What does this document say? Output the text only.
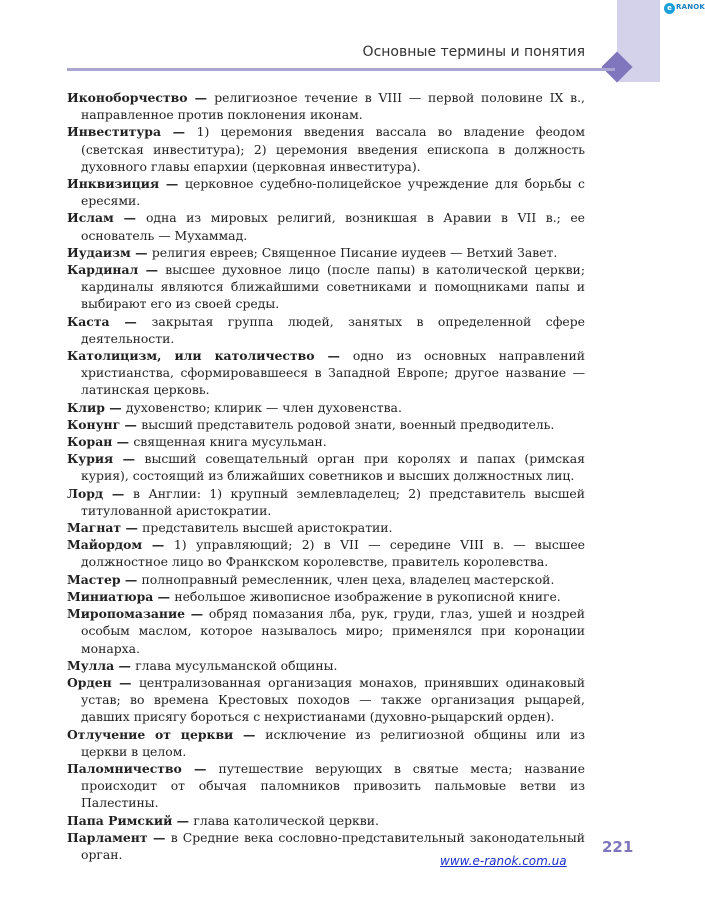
e RANOK
Основные термины и понятия

Иконоборчество — религиозное течение в VIII — первой половине IX в., направленное против поклонения иконам.

Инвеститура — 1) церемония введения вассала во владение феодом (светская инвеститура); 2) церемония введения епископа в должность духовного главы епархии (церковная инвеститура).

Инквизиция — церковное судебно-полицейское учреждение для борьбы с ересями.

Ислам — одна из мировых религий, возникшая в Аравии в VII в.; ее основатель — Мухаммад.

Иудаизм — религия евреев; Священное Писание иудеев — Ветхий Завет.

Кардинал — высшее духовное лицо (после папы) в католической церкви; кардиналы являются ближайшими советниками и помощниками папы и выбирают его из своей среды.

Каста — закрытая группа людей, занятых в определенной сфере деятельности.

Католицизм, или католичество — одно из основных направлений христианства, сформировавшееся в Западной Европе; другое название — латинская церковь.

Клир — духовенство; клирик — член духовенства.

Конунг — высший представитель родовой знати, военный предводитель.

Коран — священная книга мусульман.

Курия — высший совещательный орган при королях и папах (римская курия), состоящий из ближайших советников и высших должностных лиц.

Лорд — в Англии: 1) крупный землевладелец; 2) представитель высшей титулованной аристократии.

Магнат — представитель высшей аристократии.

Майордом — 1) управляющий; 2) в VII — середине VIII в. — высшее должностное лицо во Франкском королевстве, правитель королевства.

Мастер — полноправный ремесленник, член цеха, владелец мастерской.

Миниатюра — небольшое живописное изображение в рукописной книге.

Миропомазание — обряд помазания лба, рук, груди, глаз, ушей и ноздрей особым маслом, которое называлось миро; применялся при коронации монарха.

Мулла — глава мусульманской общины.

Орден — централизованная организация монахов, принявших одинаковый устав; во времена Крестовых походов — также организация рыцарей, давших присягу бороться с нехристианами (духовно-рыцарский орден).

Отлучение от церкви — исключение из религиозной общины или из церкви в целом.

Паломничество — путешествие верующих в святые места; название происходит от обычая паломников привозить пальмовые ветви из Палестины.

Папа Римский — глава католической церкви.

Парламент — в Средние века сословно-представительный законодательный орган.	221
www.e-ranok.com.ua
